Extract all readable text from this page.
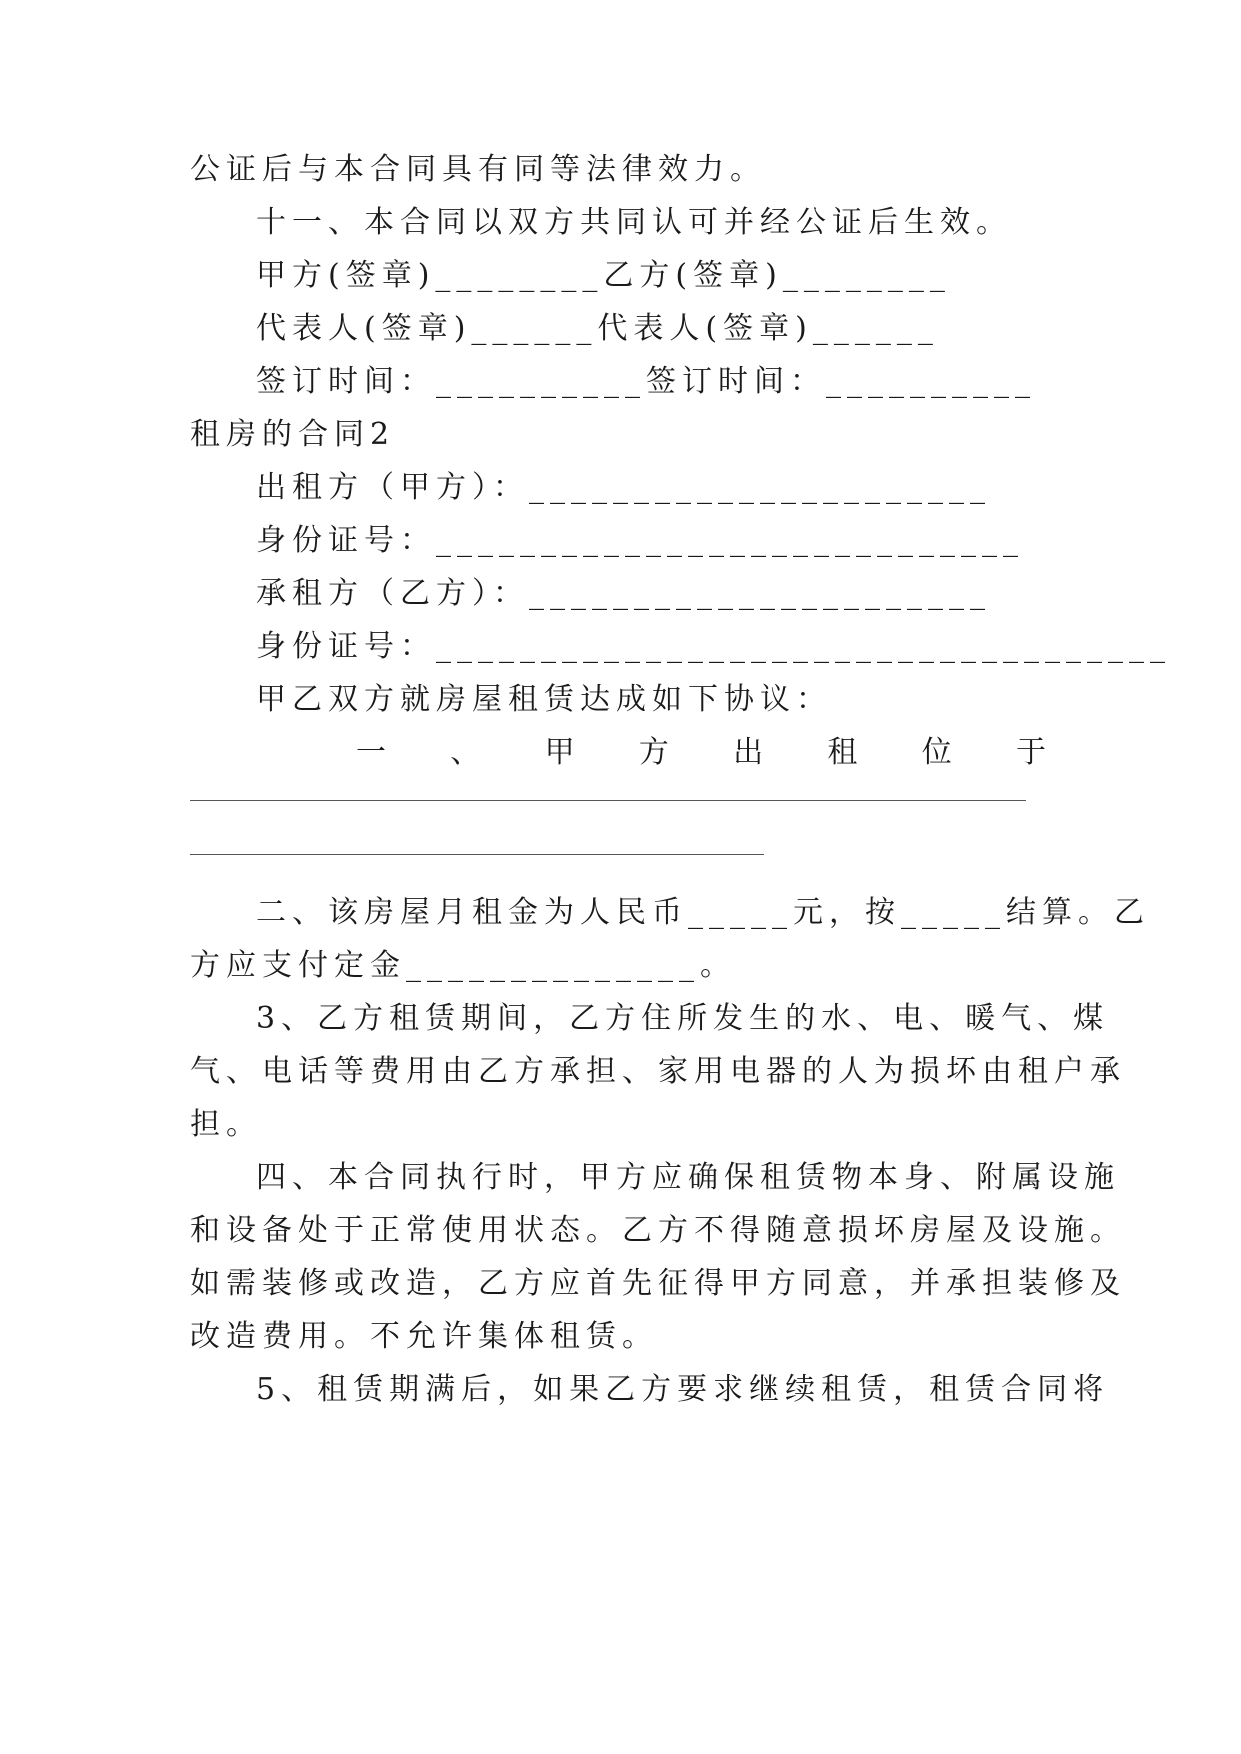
公证后与本合同具有同等法律效力。
十一、本合同以双方共同认可并经公证后生效。
甲方(签章)________乙方(签章)________
代表人(签章)______代表人(签章)______
签订时间：__________签订时间：__________
租房的合同2
出租方（甲方）：______________________
身份证号：____________________________
承租方（乙方）：______________________
身份证号：___________________________________
甲乙双方就房屋租赁达成如下协议：
一 、 甲 方 出 租 位 于
二、该房屋月租金为人民币_____元，按_____结算。乙
方应支付定金______________。
3、乙方租赁期间，乙方住所发生的水、电、暖气、煤
气、电话等费用由乙方承担、家用电器的人为损坏由租户承
担。
四、本合同执行时，甲方应确保租赁物本身、附属设施
和设备处于正常使用状态。乙方不得随意损坏房屋及设施。
如需装修或改造，乙方应首先征得甲方同意，并承担装修及
改造费用。不允许集体租赁。
5、租赁期满后，如果乙方要求继续租赁，租赁合同将
